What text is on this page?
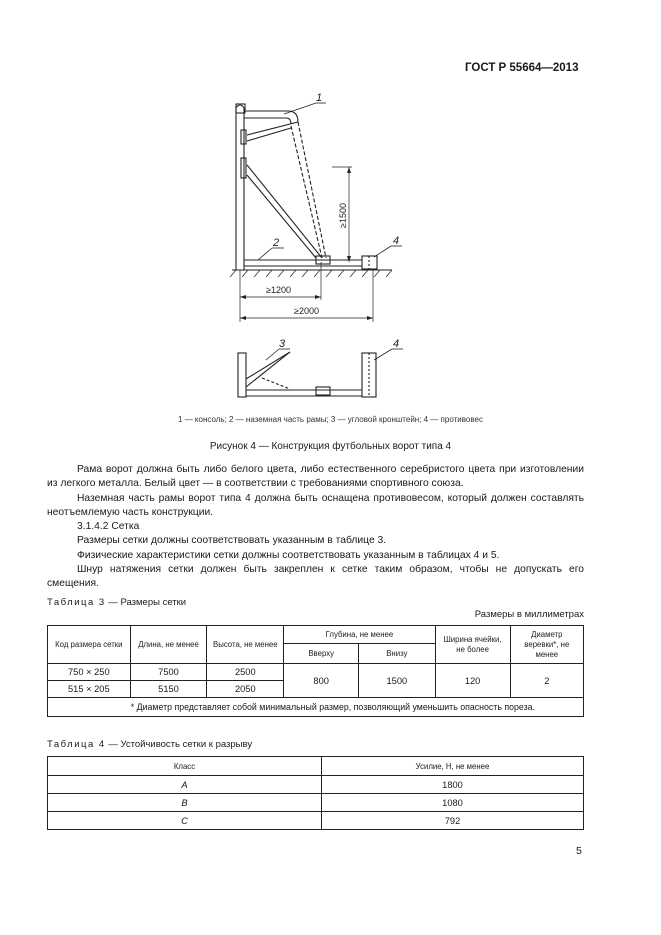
ГОСТ Р 55664—2013
1
2
3
4
4
≥1500
≥1200
≥2000
1 — консоль; 2 — наземная часть рамы; 3 — угловой кронштейн; 4 — противовес
Рисунок 4 — Конструкция футбольных ворот типа 4

Рама ворот должна быть либо белого цвета, либо естественного серебристого цвета при изготовлении из легкого металла. Белый цвет — в соответствии с требованиями спортивного союза.

Наземная часть рамы ворот типа 4 должна быть оснащена противовесом, который должен составлять неотъемлемую часть конструкции.

3.1.4.2 Сетка

Размеры сетки должны соответствовать указанным в таблице 3.

Физические характеристики сетки должны соответствовать указанным в таблицах 4 и 5.

Шнур натяжения сетки должен быть закреплен к сетке таким образом, чтобы не допускать его смещения.

Таблица 3 — Размеры сетки
Размеры в миллиметрах
Код размера сетки	Длина, не менее	Высота, не менее	Глубина, не менее		Ширина ячейки, не более	Диаметр веревки*, не менее
			Вверху	Внизу		
750 × 250	7500	2500	800	1500	120	2
515 × 205	5150	2050				
* Диаметр представляет собой минимальный размер, позволяющий уменьшить опасность пореза.						
Таблица 4 — Устойчивость сетки к разрыву
Класс	Усилие, Н, не менее
A	1800
B	1080
C	792
5
